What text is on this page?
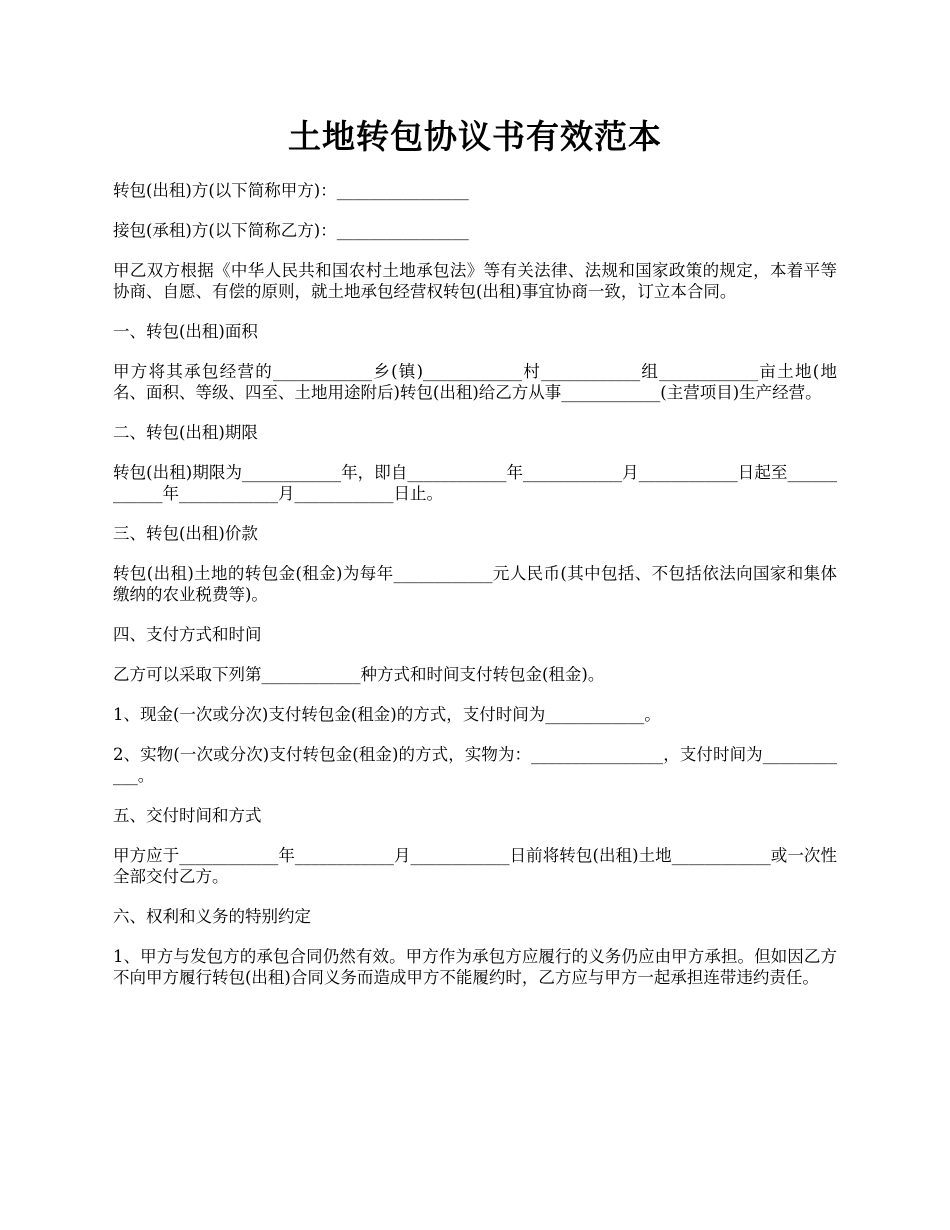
土地转包协议书有效范本
转包(出租)方(以下简称甲方)：________________
接包(承租)方(以下简称乙方)：________________
甲乙双方根据《中华人民共和国农村土地承包法》等有关法律、法规和国家政策的规定，本着平等协商、自愿、有偿的原则，就土地承包经营权转包(出租)事宜协商一致，订立本合同。
一、转包(出租)面积
甲方将其承包经营的____________乡(镇)____________村____________组____________亩土地(地名、面积、等级、四至、土地用途附后)转包(出租)给乙方从事____________(主营项目)生产经营。
二、转包(出租)期限
转包(出租)期限为____________年，即自____________年____________月____________日起至____________年____________月____________日止。
三、转包(出租)价款
转包(出租)土地的转包金(租金)为每年____________元人民币(其中包括、不包括依法向国家和集体缴纳的农业税费等)。
四、支付方式和时间
乙方可以采取下列第____________种方式和时间支付转包金(租金)。
1、现金(一次或分次)支付转包金(租金)的方式，支付时间为____________。
2、实物(一次或分次)支付转包金(租金)的方式，实物为：________________，支付时间为____________。
五、交付时间和方式
甲方应于____________年____________月____________日前将转包(出租)土地____________或一次性全部交付乙方。
六、权利和义务的特别约定
1、甲方与发包方的承包合同仍然有效。甲方作为承包方应履行的义务仍应由甲方承担。但如因乙方不向甲方履行转包(出租)合同义务而造成甲方不能履约时，乙方应与甲方一起承担连带违约责任。
